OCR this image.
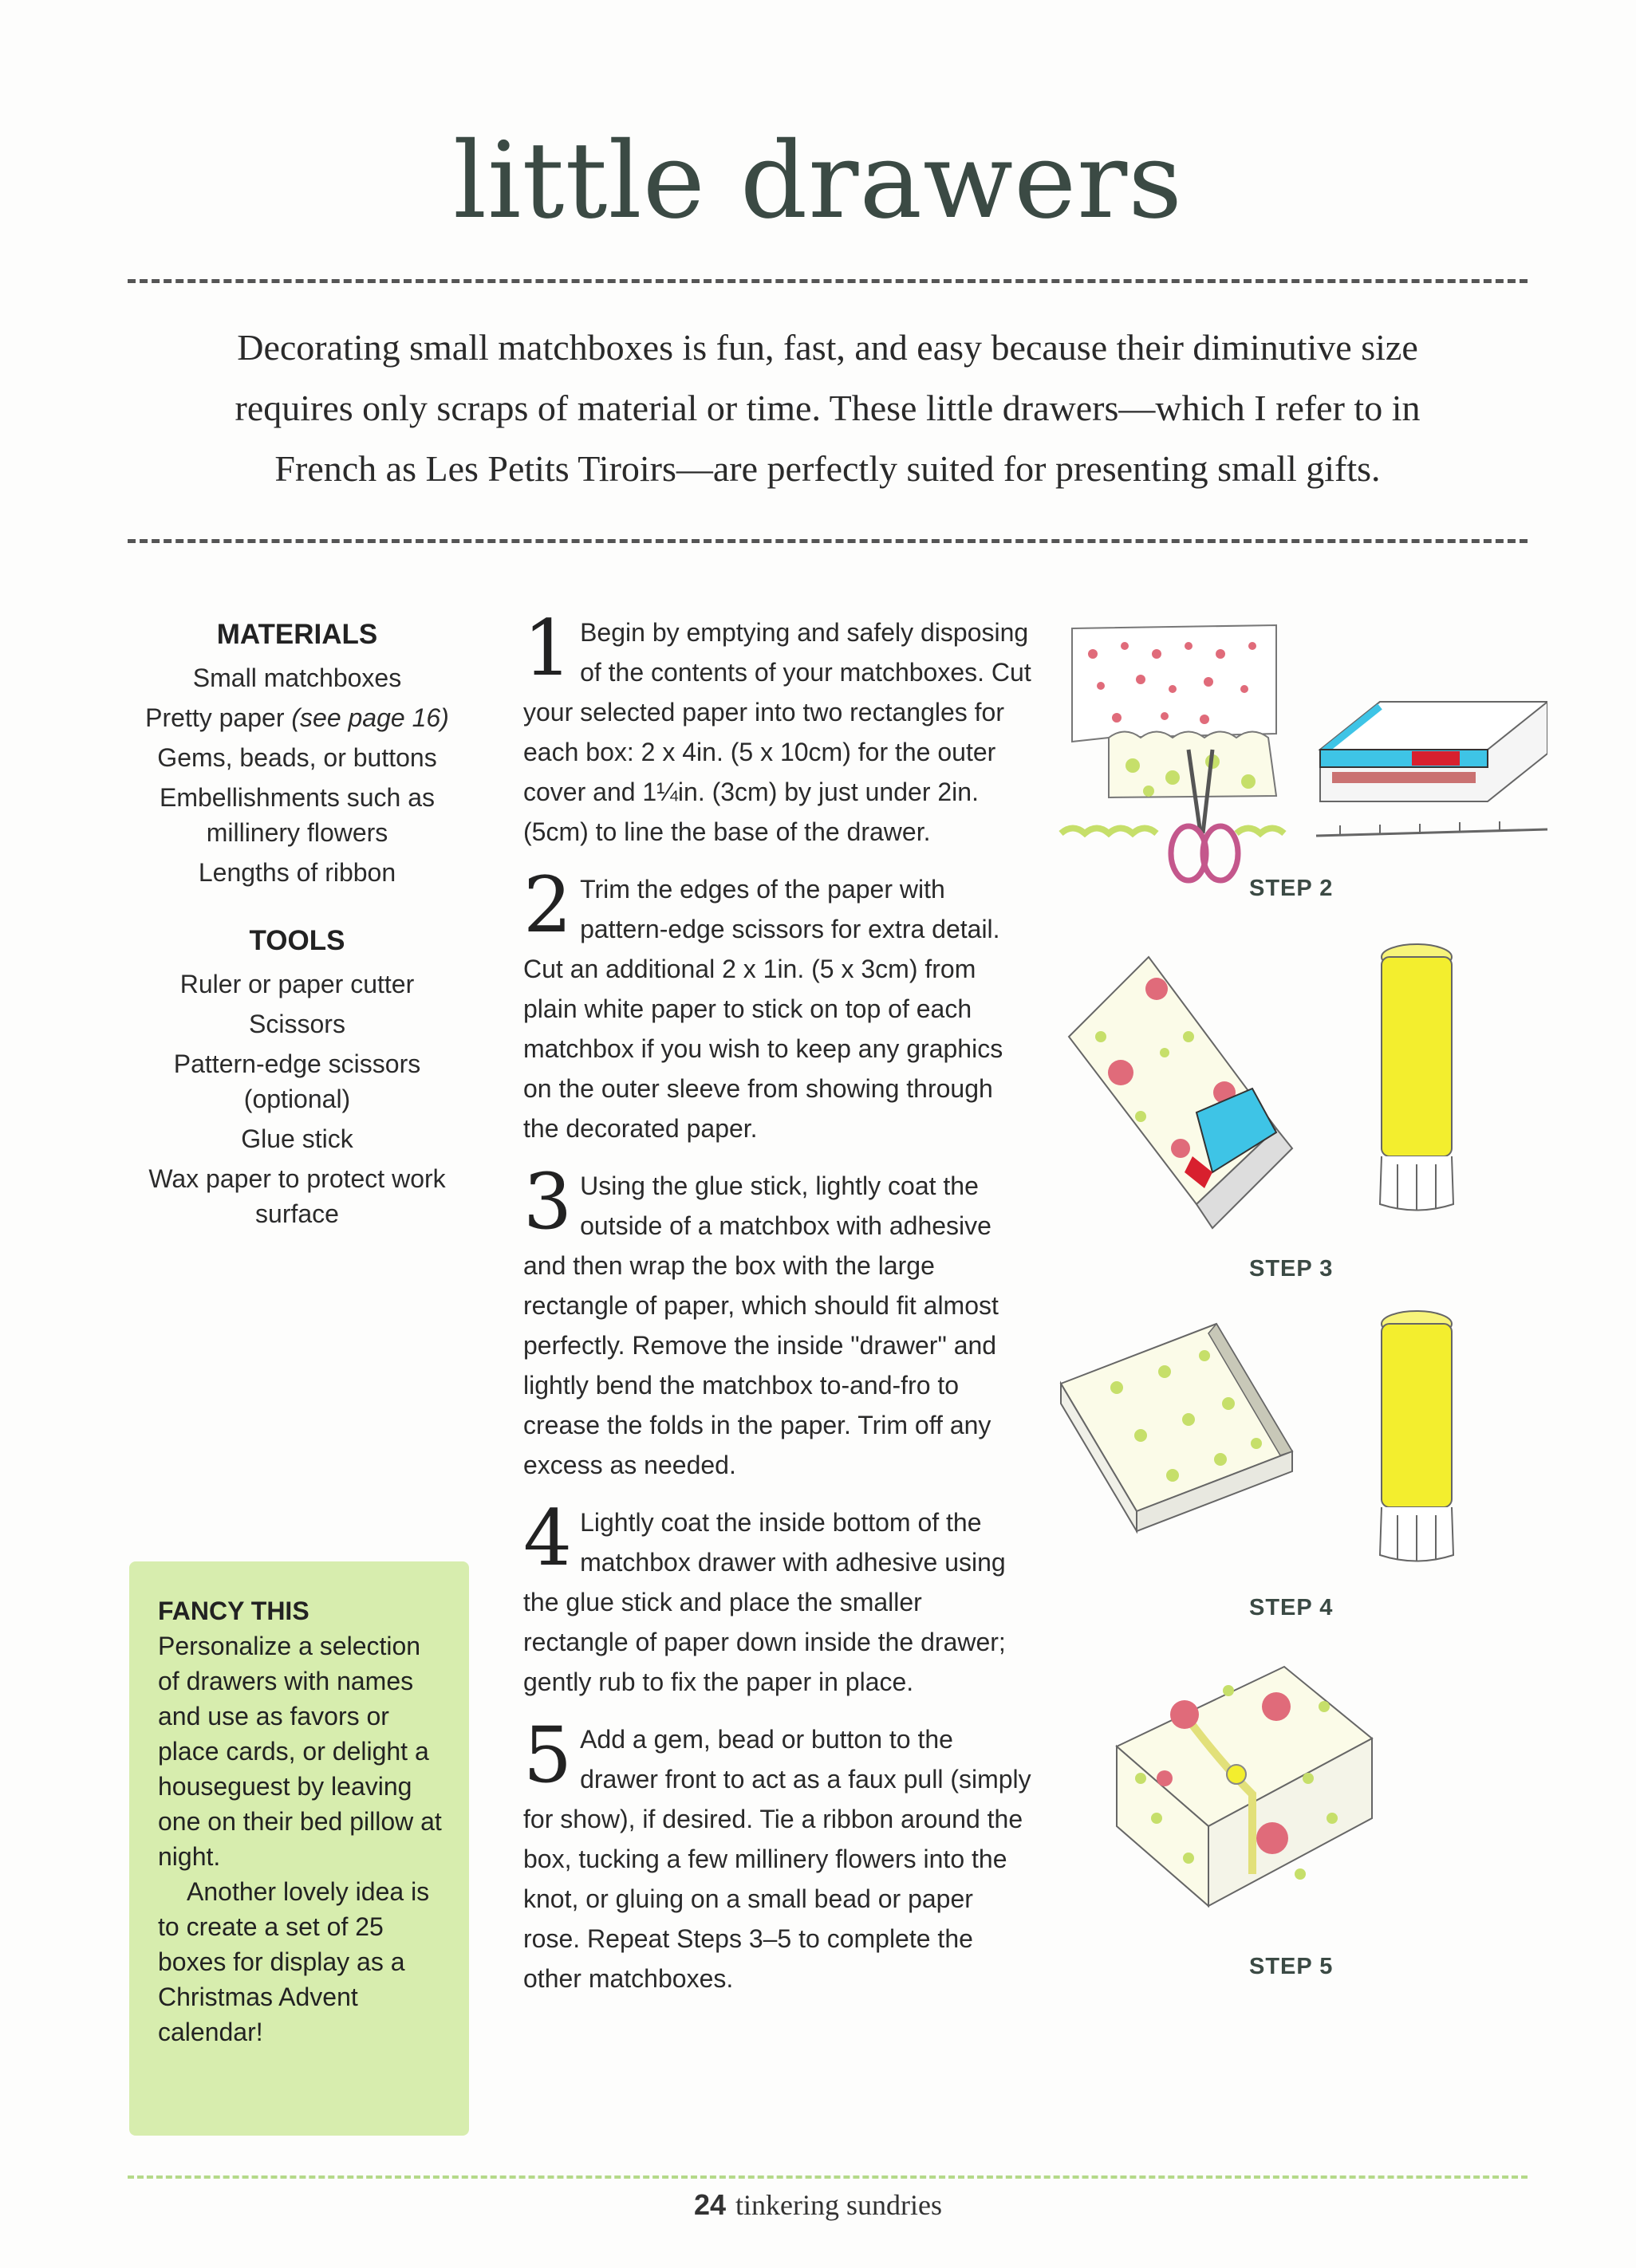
little drawers
Decorating small matchboxes is fun, fast, and easy because their diminutive size
requires only scraps of material or time. These little drawers—which I refer to in
French as Les Petits Tiroirs—are perfectly suited for presenting small gifts.
MATERIALS
Small matchboxes
Pretty paper (see page 16)
Gems, beads, or buttons
Embellishments such as millinery flowers
Lengths of ribbon
TOOLS
Ruler or paper cutter
Scissors
Pattern-edge scissors (optional)
Glue stick
Wax paper to protect work surface

FANCY THIS Personalize a selection of drawers with names and use as favors or place cards, or delight a houseguest by leaving one on their bed pillow at night.

Another lovely idea is to create a set of 25 boxes for display as a Christmas Advent calendar!

1 Begin by emptying and safely disposing of the contents of your matchboxes. Cut your selected paper into two rectangles for each box: 2 x 4in. (5 x 10cm) for the outer cover and 1¼in. (3cm) by just under 2in. (5cm) to line the base of the drawer.
2 Trim the edges of the paper with pattern-edge scissors for extra detail. Cut an additional 2 x 1in. (5 x 3cm) from plain white paper to stick on top of each matchbox if you wish to keep any graphics on the outer sleeve from showing through the decorated paper.
3 Using the glue stick, lightly coat the outside of a matchbox with adhesive and then wrap the box with the large rectangle of paper, which should fit almost perfectly. Remove the inside "drawer" and lightly bend the matchbox to-and-fro to crease the folds in the paper. Trim off any excess as needed.
4 Lightly coat the inside bottom of the matchbox drawer with adhesive using the glue stick and place the smaller rectangle of paper down inside the drawer; gently rub to fix the paper in place.
5 Add a gem, bead or button to the drawer front to act as a faux pull (simply for show), if desired. Tie a ribbon around the box, tucking a few millinery flowers into the knot, or gluing on a small bead or paper rose. Repeat Steps 3–5 to complete the other matchboxes.
STEP 2
STEP 3
STEP 4
STEP 5
24 tinkering sundries
